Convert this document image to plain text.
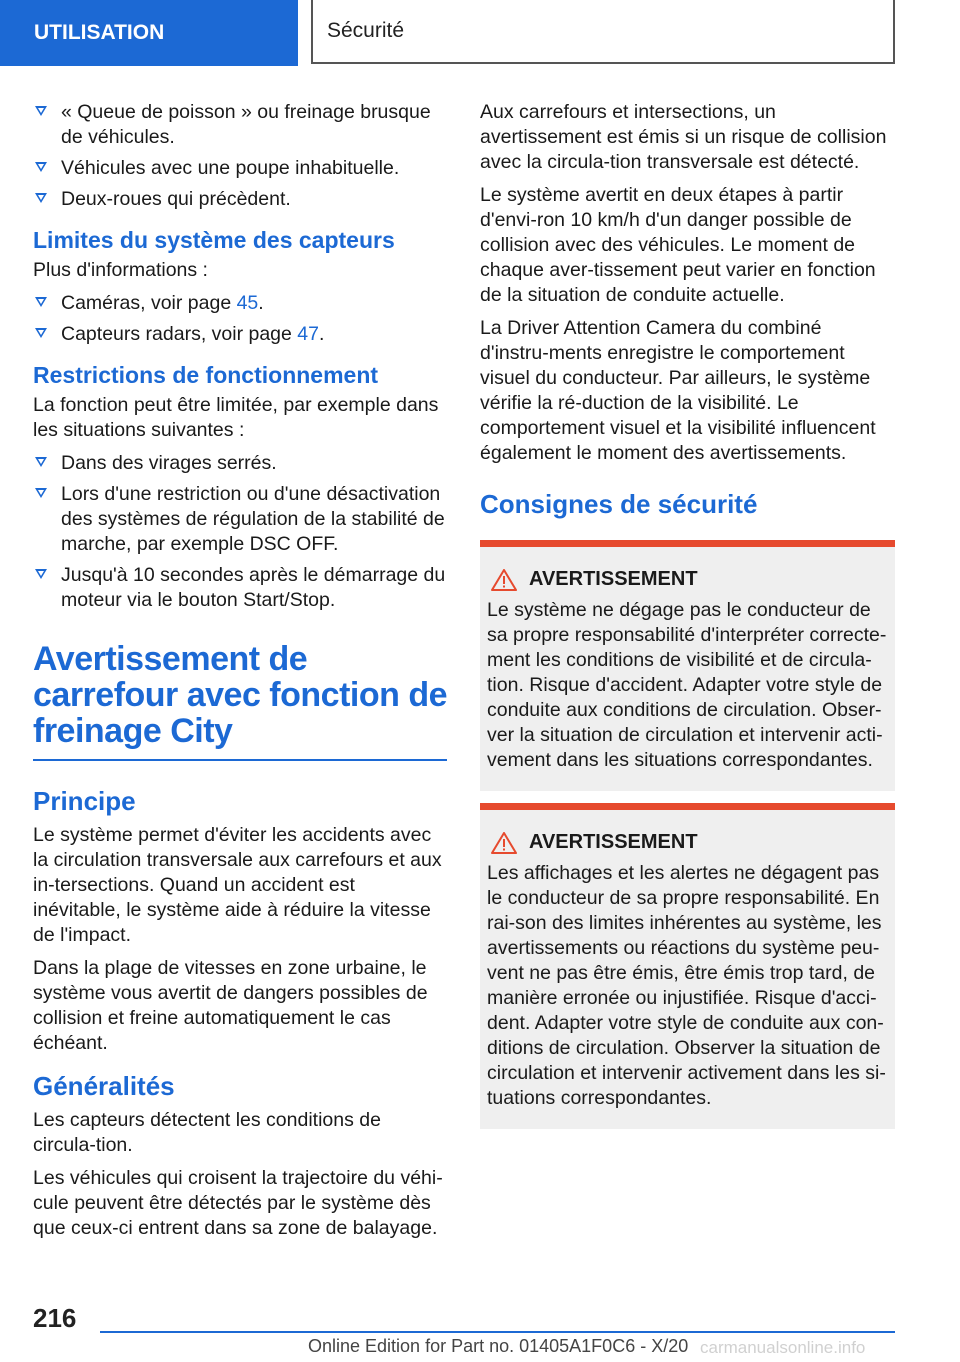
UTILISATION	Sécurité
« Queue de poisson » ou freinage brusque de véhicules.
Véhicules avec une poupe inhabituelle.
Deux-roues qui précèdent.
Limites du système des capteurs

Plus d'informations :

Caméras, voir page 45.
Capteurs radars, voir page 47.
Restrictions de fonctionnement

La fonction peut être limitée, par exemple dans les situations suivantes :

Dans des virages serrés.
Lors d'une restriction ou d'une désactivation des systèmes de régulation de la stabilité de marche, par exemple DSC OFF.
Jusqu'à 10 secondes après le démarrage du moteur via le bouton Start/Stop.
Avertissement de carrefour avec fonction de freinage City
Principe

Le système permet d'éviter les accidents avec la circulation transversale aux carrefours et aux in-tersections. Quand un accident est inévitable, le système aide à réduire la vitesse de l'impact.

Dans la plage de vitesses en zone urbaine, le système vous avertit de dangers possibles de collision et freine automatiquement le cas échéant.

Généralités

Les capteurs détectent les conditions de circula-tion.

Les véhicules qui croisent la trajectoire du véhi-cule peuvent être détectés par le système dès que ceux-ci entrent dans sa zone de balayage.

Aux carrefours et intersections, un avertissement est émis si un risque de collision avec la circula-tion transversale est détecté.

Le système avertit en deux étapes à partir d'envi-ron 10 km/h d'un danger possible de collision avec des véhicules. Le moment de chaque aver-tissement peut varier en fonction de la situation de conduite actuelle.

La Driver Attention Camera du combiné d'instru-ments enregistre le comportement visuel du conducteur. Par ailleurs, le système vérifie la ré-duction de la visibilité. Le comportement visuel et la visibilité influencent également le moment des avertissements.

Consignes de sécurité
AVERTISSEMENT

Le système ne dégage pas le conducteur de sa propre responsabilité d'interpréter correcte-ment les conditions de visibilité et de circula-tion. Risque d'accident. Adapter votre style de conduite aux conditions de circulation. Obser-ver la situation de circulation et intervenir acti-vement dans les situations correspondantes.

AVERTISSEMENT

Les affichages et les alertes ne dégagent pas le conducteur de sa propre responsabilité. En rai-son des limites inhérentes au système, les avertissements ou réactions du système peu-vent ne pas être émis, être émis trop tard, de manière erronée ou injustifiée. Risque d'acci-dent. Adapter votre style de conduite aux con-ditions de circulation. Observer la situation de circulation et intervenir activement dans les si-tuations correspondantes.

216
Online Edition for Part no. 01405A1F0C6 - X/20 carmanualsonline.info
